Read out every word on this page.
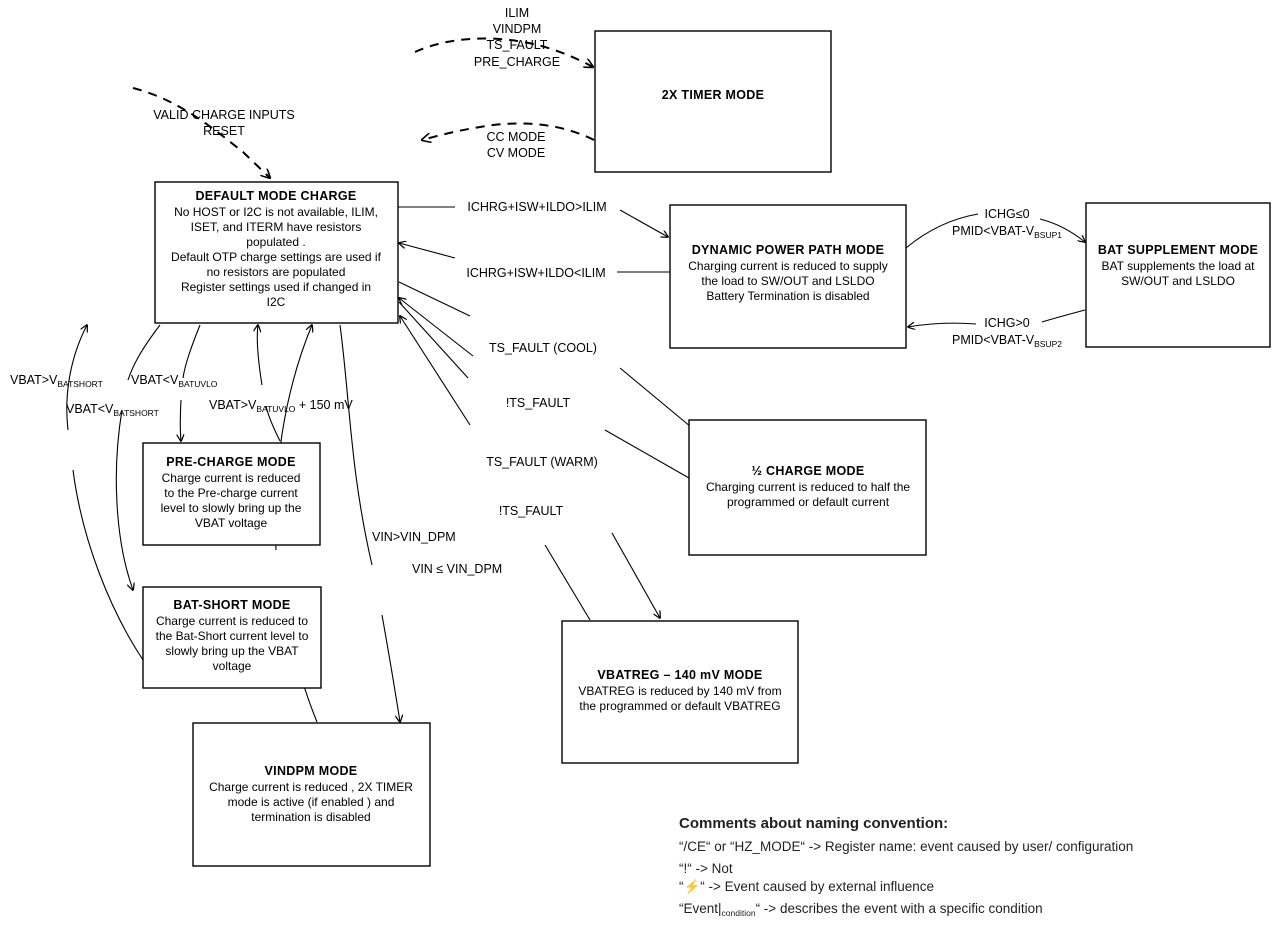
DEFAULT MODE CHARGE
No HOST or I2C is not available, ILIM,
ISET, and ITERM have resistors
populated .
Default OTP charge settings are used if
no resistors are populated
Register settings used if changed in
I2C
2X TIMER MODE
DYNAMIC POWER PATH MODE
Charging current is reduced to supply
the load to SW/OUT and LSLDO
Battery Termination is disabled
BAT SUPPLEMENT MODE
BAT supplements the load at
SW/OUT and LSLDO
PRE-CHARGE MODE
Charge current is reduced
to the Pre-charge current
level to slowly bring up the
VBAT voltage
BAT-SHORT MODE
Charge current is reduced to
the Bat-Short current level to
slowly bring up the VBAT
voltage
½ CHARGE MODE
Charging current is reduced to half the
programmed or default current
VBATREG – 140 mV MODE
VBATREG is reduced by 140 mV from
the programmed or default VBATREG
VINDPM MODE
Charge current is reduced , 2X TIMER
mode is active (if enabled ) and
termination is disabled
VALID CHARGE INPUTS
RESET
ILIM
VINDPM
TS_FAULT
PRE_CHARGE
CC MODE
CV MODE
ICHRG+ISW+ILDO>ILIM
ICHRG+ISW+ILDO<ILIM
ICHG≤0
$PMID<VBAT-V_{BSUP1}$
ICHG>0
$PMID<VBAT-V_{BSUP2}$
TS_FAULT (COOL)
!TS_FAULT
TS_FAULT (WARM)
!TS_FAULT
$VBAT>V_{BATSHORT}$
$VBAT<V_{BATSHORT}$
$VBAT<V_{BATUVLO}$
$VBAT>V_{BATUVLO} + 150$ mV
VIN>VIN_DPM
VIN ≤ VIN_DPM
Comments about naming convention:
“/CE“ or “HZ_MODE“ -> Register name: event caused by user/ configuration
“!“ -> Not
“⚡“ -> Event caused by external influence
“$Event|_{condition}“$ -> describes the event with a specific condition
